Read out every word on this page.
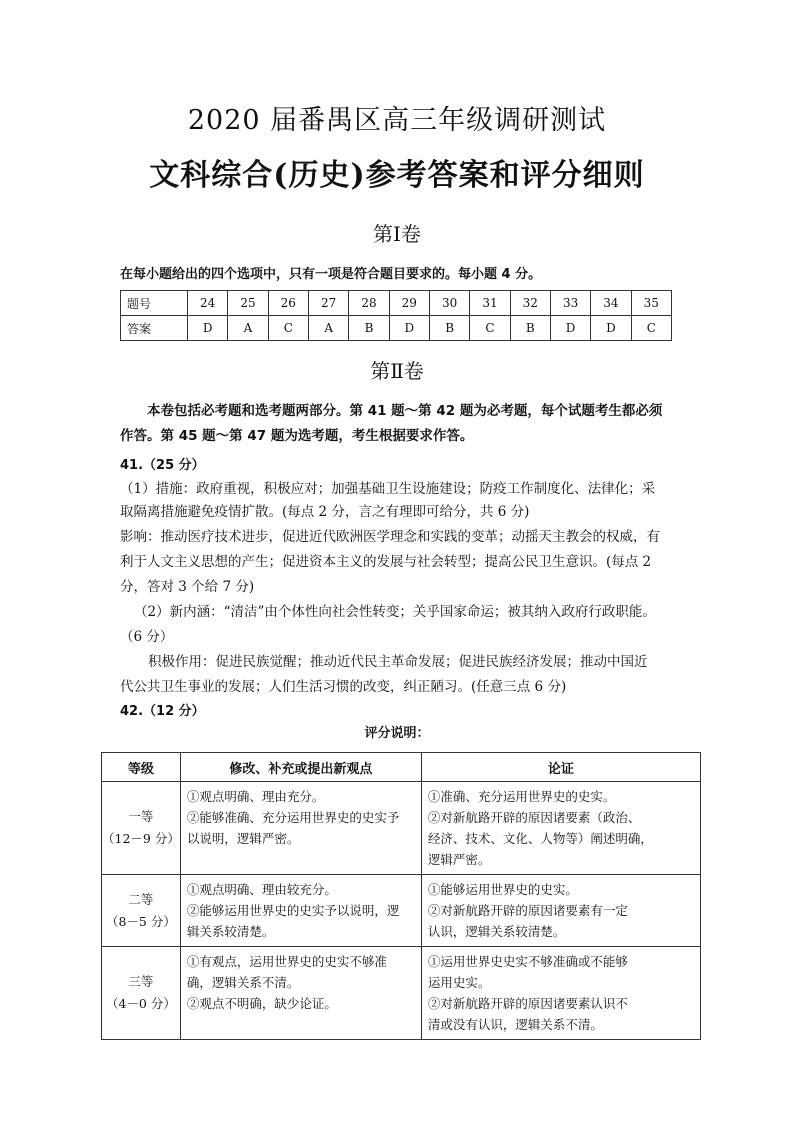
2020 届番禺区高三年级调研测试
文科综合(历史)参考答案和评分细则
第Ⅰ卷
在每小题给出的四个选项中，只有一项是符合题目要求的。每小题 4 分。
题号	24	25	26	27	28	29	30	31	32	33	34	35
答案	D	A	C	A	B	D	B	C	B	D	D	C
第Ⅱ卷
本卷包括必考题和选考题两部分。第 41 题～第 42 题为必考题，每个试题考生都必须
作答。第 45 题～第 47 题为选考题，考生根据要求作答。
41.（25 分）
（1）措施：政府重视，积极应对；加强基础卫生设施建设；防疫工作制度化、法律化；采
取隔离措施避免疫情扩散。(每点 2 分，言之有理即可给分，共 6 分)
影响：推动医疗技术进步，促进近代欧洲医学理念和实践的变革；动摇天主教会的权威，有
利于人文主义思想的产生；促进资本主义的发展与社会转型；提高公民卫生意识。(每点 2
分，答对 3 个给 7 分)
（2）新内涵：“清洁”由个体性向社会性转变；关乎国家命运；被其纳入政府行政职能。
（6 分）
积极作用：促进民族觉醒；推动近代民主革命发展；促进民族经济发展；推动中国近
代公共卫生事业的发展；人们生活习惯的改变，纠正陋习。(任意三点 6 分)
42.（12 分）
评分说明：
等级	修改、补充或提出新观点	论证

一等
（12－9 分）	①观点明确、理由充分。
②能够准确、充分运用世界史的史实予
以说明，逻辑严密。	①准确、充分运用世界史的史实。
②对新航路开辟的原因诸要素（政治、
经济、技术、文化、人物等）阐述明确，
逻辑严密。

二等
（8－5 分）	①观点明确、理由较充分。
②能够运用世界史的史实予以说明，逻
辑关系较清楚。	①能够运用世界史的史实。
②对新航路开辟的原因诸要素有一定
认识，逻辑关系较清楚。

三等
（4－0 分）	①有观点，运用世界史的史实不够准
确，逻辑关系不清。
②观点不明确，缺少论证。	①运用世界史史实不够准确或不能够
运用史实。
②对新航路开辟的原因诸要素认识不
清或没有认识，逻辑关系不清。
